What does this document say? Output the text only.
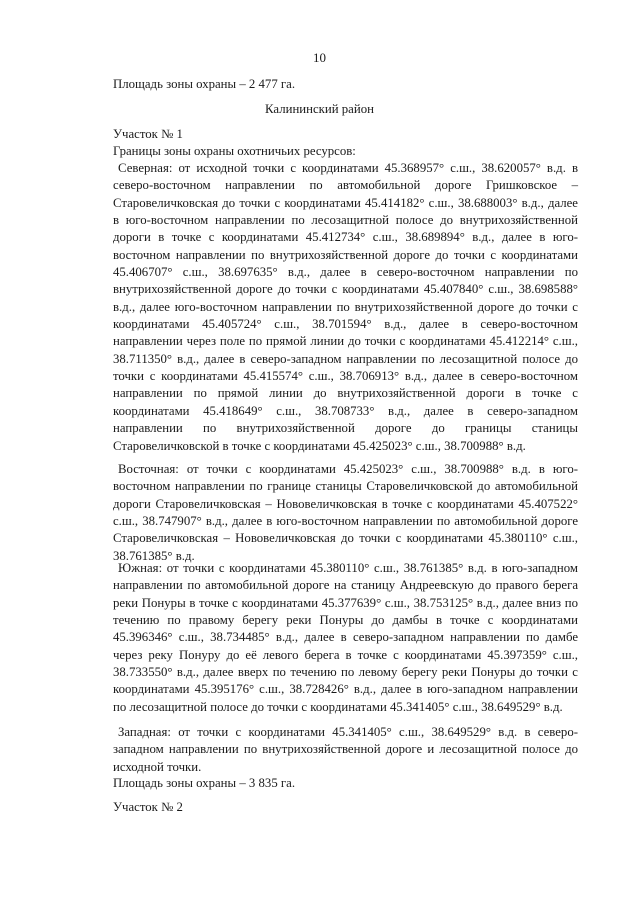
10

Площадь зоны охраны – 2 477 га.

Калининский район

Участок № 1

Границы зоны охраны охотничьих ресурсов:

Северная: от исходной точки с координатами 45.368957° с.ш., 38.620057° в.д. в северо-восточном направлении по автомобильной дороге Гришковское – Старовеличковская до точки с координатами 45.414182° с.ш., 38.688003° в.д., далее в юго-восточном направлении по лесозащитной полосе до внутрихозяйственной дороги в точке с координатами 45.412734° с.ш., 38.689894° в.д., далее в юго-восточном направлении по внутрихозяйственной дороге до точки с координатами 45.406707° с.ш., 38.697635° в.д., далее в северо-восточном направлении по внутрихозяйственной дороге до точки с координатами 45.407840° с.ш., 38.698588° в.д., далее юго-восточном направлении по внутрихозяйственной дороге до точки с координатами 45.405724° с.ш., 38.701594° в.д., далее в северо-восточном направлении через поле по прямой линии до точки с координатами 45.412214° с.ш., 38.711350° в.д., далее в северо-западном направлении по лесозащитной полосе до точки с координатами 45.415574° с.ш., 38.706913° в.д., далее в северо-восточном направлении по прямой линии до внутрихозяйственной дороги в точке с координатами 45.418649° с.ш., 38.708733° в.д., далее в северо-западном направлении по внутрихозяйственной дороге до границы станицы Старовеличковской в точке с координатами 45.425023° с.ш., 38.700988° в.д.

Восточная: от точки с координатами 45.425023° с.ш., 38.700988° в.д. в юго-восточном направлении по границе станицы Старовеличковской до автомобильной дороги Старовеличковская – Нововеличковская в точке с координатами 45.407522° с.ш., 38.747907° в.д., далее в юго-восточном направлении по автомобильной дороге Старовеличковская – Нововеличковская до точки с координатами 45.380110° с.ш., 38.761385° в.д.

Южная: от точки с координатами 45.380110° с.ш., 38.761385° в.д. в юго-западном направлении по автомобильной дороге на станицу Андреевскую до правого берега реки Понуры в точке с координатами 45.377639° с.ш., 38.753125° в.д., далее вниз по течению по правому берегу реки Понуры до дамбы в точке с координатами 45.396346° с.ш., 38.734485° в.д., далее в северо-западном направлении по дамбе через реку Понуру до её левого берега в точке с координатами 45.397359° с.ш., 38.733550° в.д., далее вверх по течению по левому берегу реки Понуры до точки с координатами 45.395176° с.ш., 38.728426° в.д., далее в юго-западном направлении по лесозащитной полосе до точки с координатами 45.341405° с.ш., 38.649529° в.д.

Западная: от точки с координатами 45.341405° с.ш., 38.649529° в.д. в северо-западном направлении по внутрихозяйственной дороге и лесозащитной полосе до исходной точки.

Площадь зоны охраны – 3 835 га.

Участок № 2
